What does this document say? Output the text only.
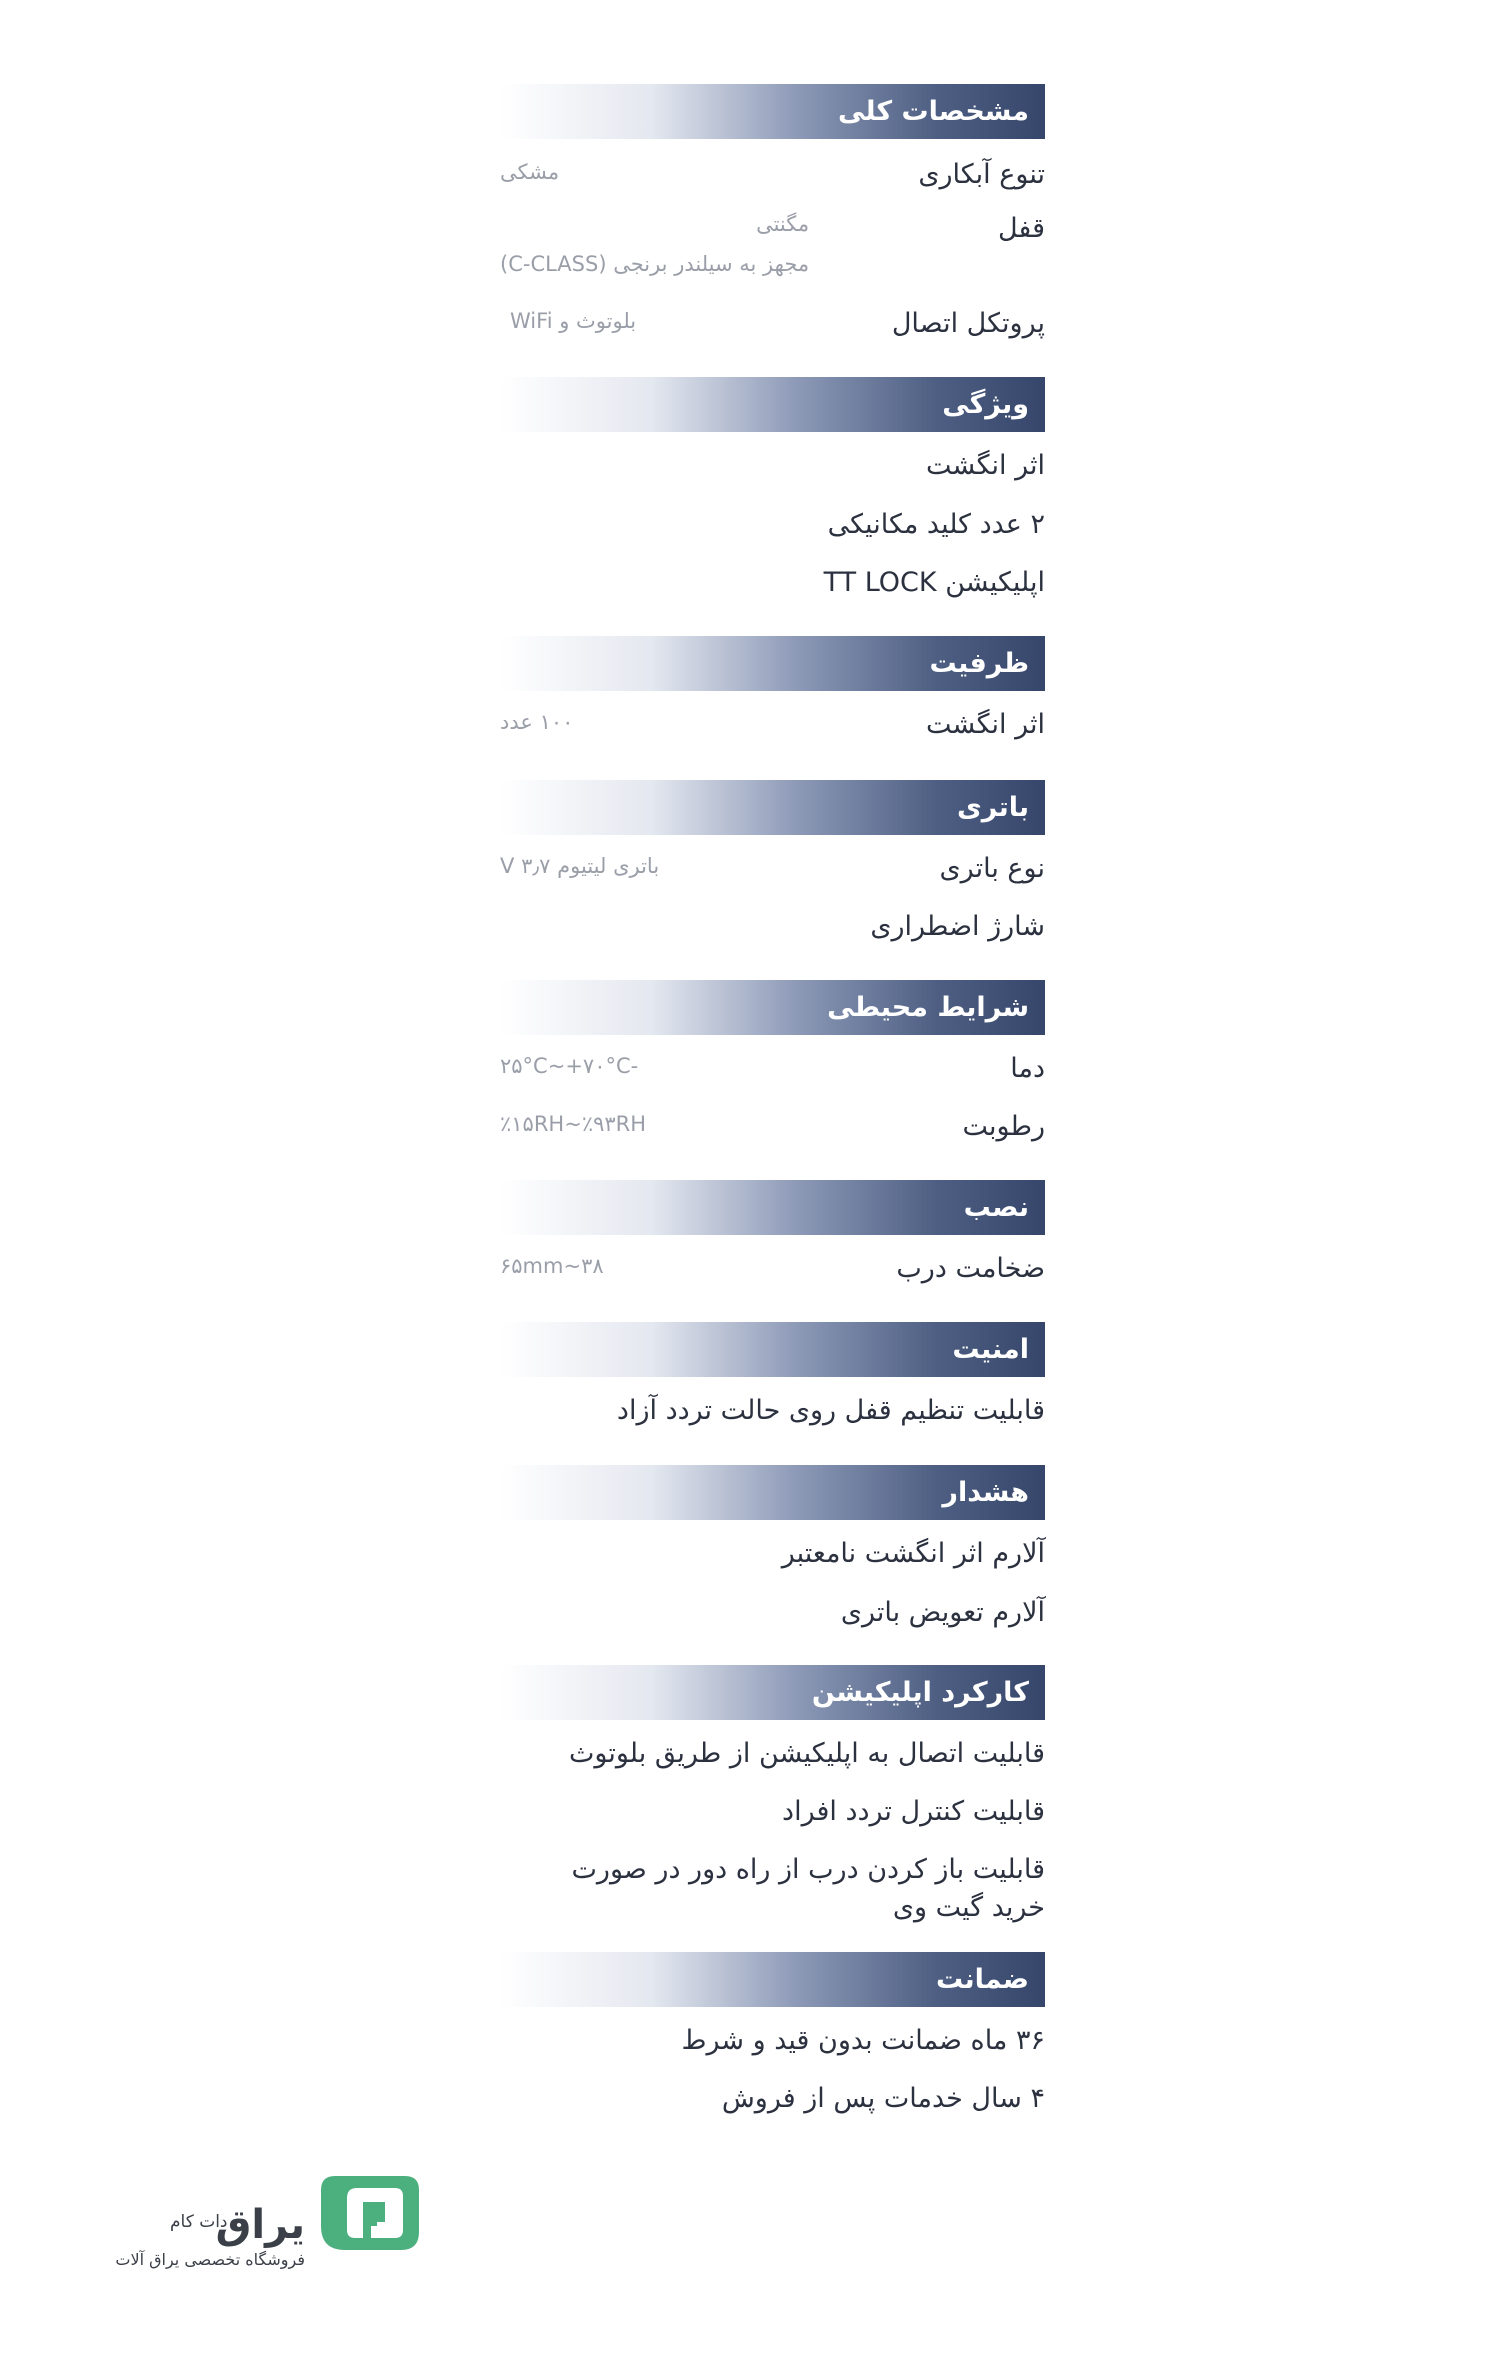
مشخصات کلی
تنوع آبکاری
مشکی
قفل
مگنتی
مجهز به سیلندر برنجی (C-CLASS)
پروتکل اتصال
بلوتوث و WiFi
ویژگی
اثر انگشت
۲ عدد کلید مکانیکی
اپلیکیشن TT LOCK
ظرفیت
اثر انگشت
۱۰۰ عدد
باتری
نوع باتری
باتری لیتیوم ۳٫۷ V
شارژ اضطراری
شرایط محیطی
دما
-۲۵°C~+۷۰°C
رطوبت
٪۱۵RH~٪۹۳RH
نصب
ضخامت درب
۳۸~۶۵mm
امنیت
قابلیت تنظیم قفل روی حالت تردد آزاد
هشدار
آلارم اثر انگشت نامعتبر
آلارم تعویض باتری
کارکرد اپلیکیشن
قابلیت اتصال به اپلیکیشن از طریق بلوتوث
قابلیت کنترل تردد افراد
قابلیت باز کردن درب از راه دور در صورت خرید گیت وی
ضمانت
۳۶ ماه ضمانت بدون قید و شرط
۴ سال خدمات پس از فروش
یراق
دات کام
فروشگاه تخصصی یراق آلات
